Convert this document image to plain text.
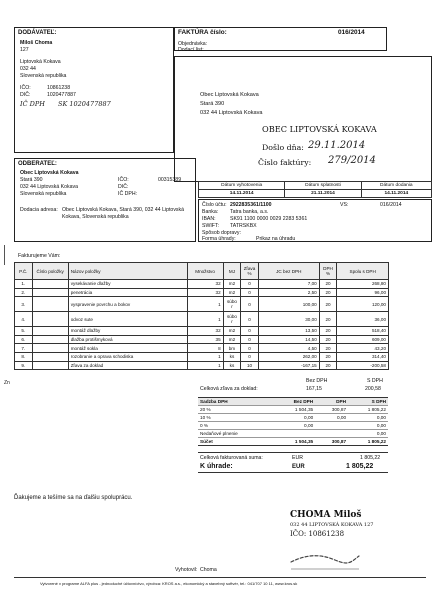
DODÁVATEĽ:
Miloš Choma
127
Liptovská Kokava
032 44
Slovenská republika
IČO:	10861238
DIČ:	1020477887
IČ DPH SK 1020477887
FAKTÚRA číslo:	016/2014
Objednávka:
Dodací list:
Obec Liptovská Kokava
Stará 390
032 44 Liptovská Kokava
OBEC LIPTOVSKÁ KOKAVA
Došlo dňa: 29.11.2014
Číslo faktúry: 279/2014
ODBERATEĽ:
Obec Liptovská Kokava
Stará 390
032 44 Liptovská Kokava
Slovenská republika
IČO:	00315389
DIČ:
IČ DPH:
Dodacia adresa: Obec Liptovská Kokava, Stará 390, 032 44 Liptovská Kokava, Slovenská republika
Dátum vyhotovenia	Dátum splatnosti	Dátum dodania
14.11.2014	21.11.2014	14.11.2014
Číslo účtu: 2922835361/1100	VS:	016/2014
Banka: Tatra banka, a.s.
IBAN:	SK91 1100 0000 0029 2283 5361
SWIFT: TATRSKBX
Spôsob dopravy:
Forma úhrady:	Prikaz na úhradu
Fakturujeme Vám:
P.Č.	Číslo položky	Názov položky	Množstvo	MJ	Zľava %	JC bez DPH	DPH %	Spolu s DPH
1.		vysekávanie dlažby	32	m2	0	7,00	20	268,80
2.		penetrácia	32	m2	0	2,50	20	96,00
3.		vyspravenie povrchu a bokov	1	súbo r	0	100,00	20	120,00
4.		odvoz sute	1	súbo r	0	30,00	20	36,00
5.		montáž dlažby	32	m2	0	13,50	20	518,40
6.		dlažba protišmyková	35	m2	0	14,50	20	609,00
7.		montáž sokla	8	bm	0	4,50	20	43,20
8.		rozobranie a oprava schodiska	1	ks	0	262,00	20	314,40
9.		Zľava za doklad	1	ks	10	-167,15	20	-200,58
Bez DPH	S DPH
Celková zľava za doklad:	167,15	200,58
Sadzba DPH	Bez DPH	DPH	S DPH
20 %	1 504,35	300,87	1 805,22
10 %	0,00	0,00	0,00
0 %	0,00		0,00
Nedaňové plnenie			0,00
Súčet	1 504,35	300,87	1 805,22
Celková fakturovaná suma:	EUR	1 805,22
K úhrade:	EUR	1 805,22
Ďakujeme a tešíme sa na ďalšiu spoluprácu.
CHOMA Miloš
032 44 LIPTOVSKÁ KOKAVA 127
IČO: 10861238
Vyhotovil: Choma
Vytvorené v programe ALFA plus - jednoduché účtovníctvo, výrobca: KROS a.s., ekonomický a stavebný softvér, tel.: 041/707 10 11, www.kros.sk
Zn
